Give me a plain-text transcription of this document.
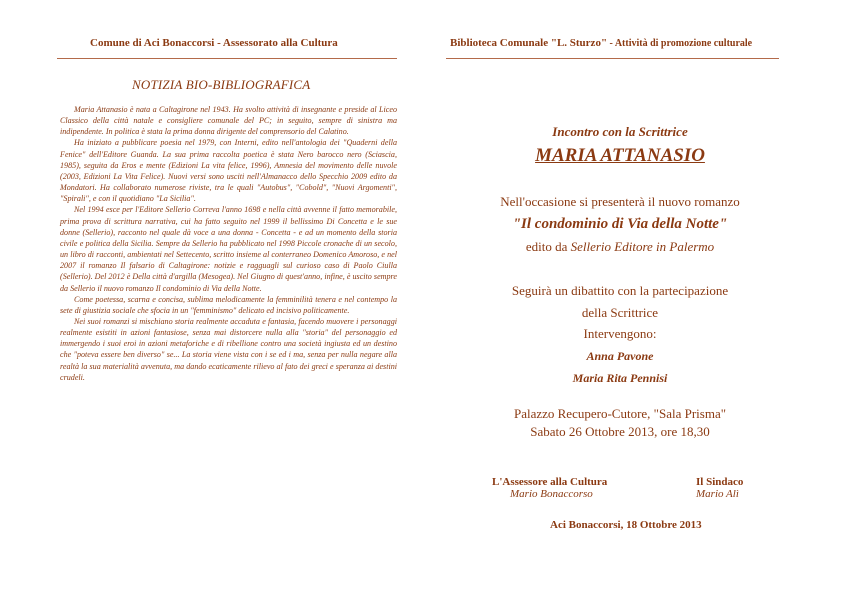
Comune di Aci Bonaccorsi - Assessorato alla Cultura
NOTIZIA BIO-BIBLIOGRAFICA

Maria Attanasio è nata a Caltagirone nel 1943. Ha svolto attività di insegnante e preside al Liceo Classico della città natale e consigliere comunale del PC; in seguito, sempre di sinistra ma indipendente. In politica è stata la prima donna dirigente del comprensorio del Calatino.

Ha iniziato a pubblicare poesia nel 1979, con Interni, edito nell'antologia dei "Quaderni della Fenice" dell'Editore Guanda. La sua prima raccolta poetica è stata Nero barocco nero (Sciascia, 1985), seguita da Eros e mente (Edizioni La vita felice, 1996), Amnesia del movimento delle nuvole (2003, Edizioni La Vita Felice). Nuovi versi sono usciti nell'Almanacco dello Specchio 2009 edito da Mondatori. Ha collaborato numerose riviste, tra le quali "Autobus", "Cobold", "Nuovi Argomenti", "Spirali", e con il quotidiano "La Sicilia".

Nel 1994 esce per l'Editore Sellerio Correva l'anno 1698 e nella città avvenne il fatto memorabile, prima prova di scrittura narrativa, cui ha fatto seguito nel 1999 il bellissimo Di Concetta e le sue donne (Sellerio), racconto nel quale dà voce a una donna - Concetta - e ad un momento della storia civile e politica della Sicilia. Sempre da Sellerio ha pubblicato nel 1998 Piccole cronache di un secolo, un libro di racconti, ambientati nel Settecento, scritto insieme al conterraneo Domenico Amoroso, e nel 2007 il romanzo Il falsario di Caltagirone: notizie e ragguagli sul curioso caso di Paolo Ciulla (Sellerio). Del 2012 è Della città d'argilla (Mesogea). Nel Giugno di quest'anno, infine, è uscito sempre da Sellerio il nuovo romanzo Il condominio di Via della Notte.

Come poetessa, scarna e concisa, sublima melodicamente la femminilità tenera e nel contempo la sete di giustizia sociale che sfocia in un "femminismo" delicato ed incisivo politicamente.

Nei suoi romanzi si mischiano storia realmente accaduta e fantasia, facendo muovere i personaggi realmente esistiti in azioni fantasiose, senza mai distorcere nulla alla "storia" del personaggio ed immergendo i suoi eroi in azioni metaforiche e di ribellione contro una società ingiusta ed un destino che "poteva essere ben diverso" se... La storia viene vista con i se ed i ma, senza per nulla negare alla realtà la sua materialità avvenuta, ma dando ecaticamente rilievo al fato dei greci e speranza ai destini crudeli.

Biblioteca Comunale "L. Sturzo" - Attività di promozione culturale
Incontro con la Scrittrice
MARIA ATTANASIO
Nell'occasione si presenterà il nuovo romanzo
"Il condominio di Via della Notte"
edito da Sellerio Editore in Palermo
Seguirà un dibattito con la partecipazione
della Scrittrice
Intervengono:
Anna Pavone
Maria Rita Pennisi
Palazzo Recupero-Cutore, "Sala Prisma"
Sabato 26 Ottobre 2013, ore 18,30
L'Assessore alla Cultura
Mario Bonaccorso
Il Sindaco
Mario Alì
Aci Bonaccorsi, 18 Ottobre 2013
